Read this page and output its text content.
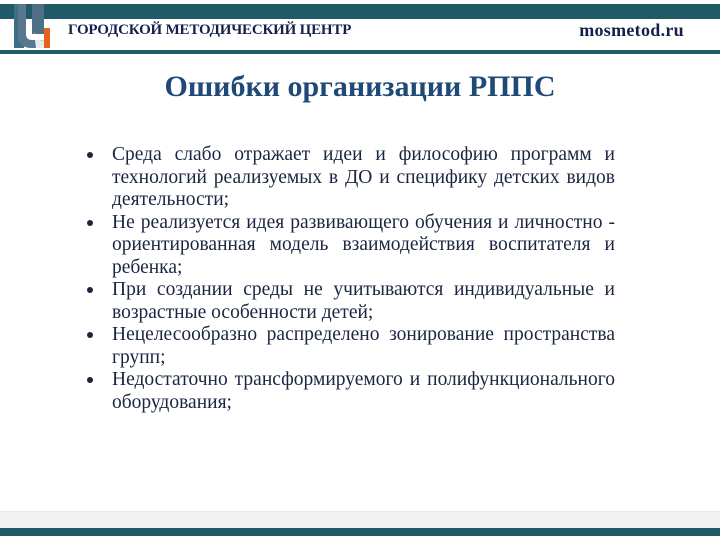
ГОРОДСКОЙ МЕТОДИЧЕСКИЙ ЦЕНТР	mosmetod.ru
Ошибки организации РППС
Среда слабо отражает идеи и философию программ и технологий реализуемых в ДО и специфику детских видов деятельности;
Не реализуется идея развивающего обучения и личностно - ориентированная модель взаимодействия воспитателя и ребенка;
При создании среды не учитываются индивидуальные и возрастные особенности детей;
Нецелесообразно распределено зонирование пространства групп;
Недостаточно трансформируемого и полифункционального оборудования;
